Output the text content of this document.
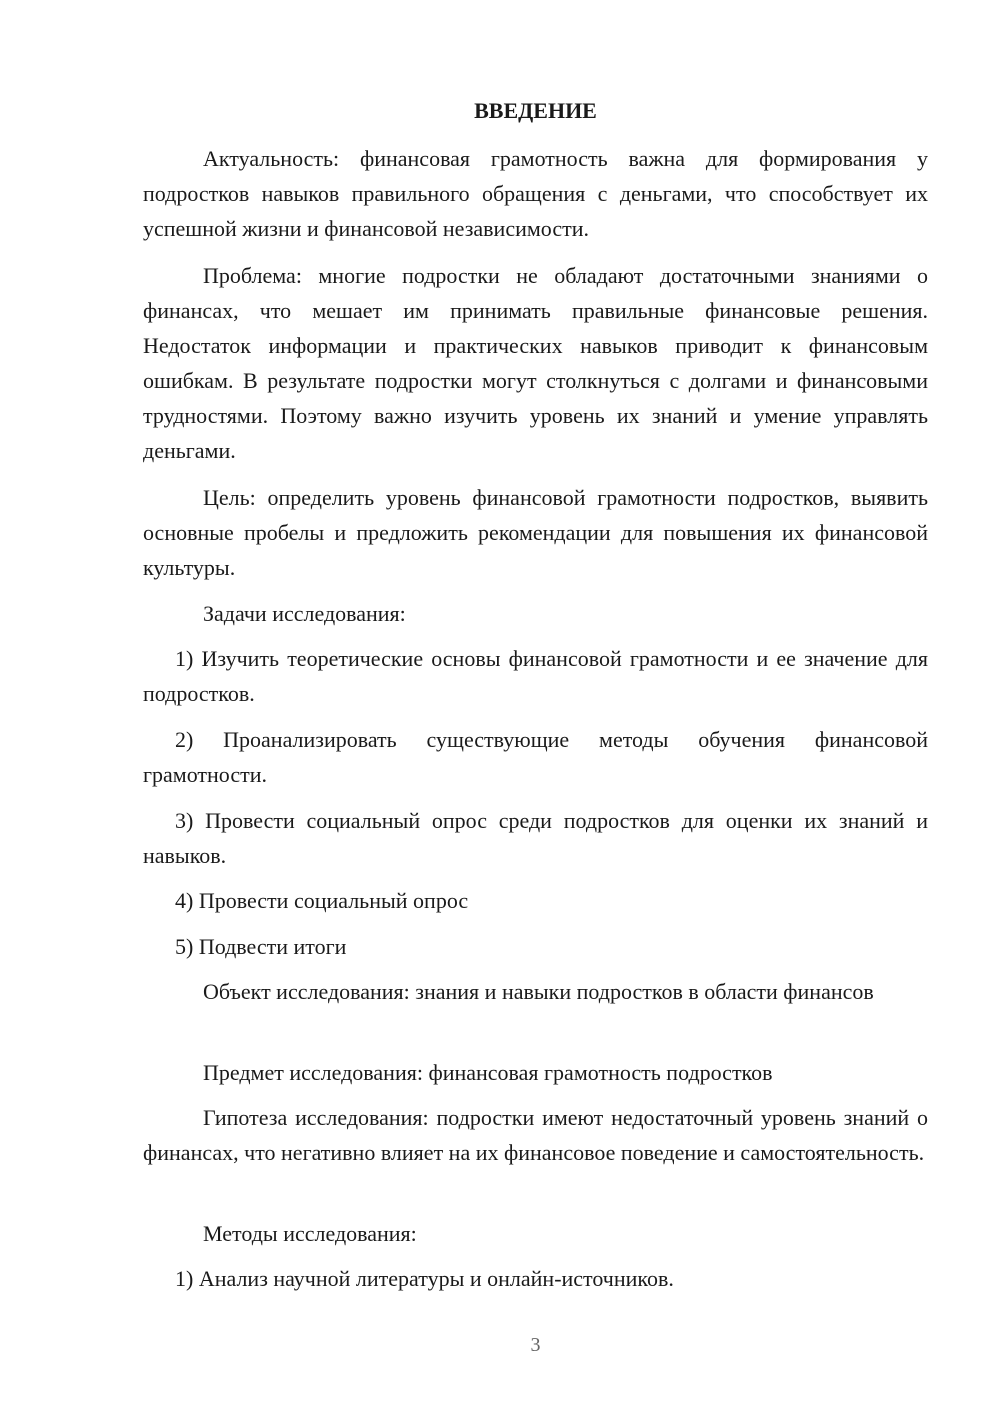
ВВЕДЕНИЕ

Актуальность: финансовая грамотность важна для формирования у подростков навыков правильного обращения с деньгами, что способствует их успешной жизни и финансовой независимости.

Проблема: многие подростки не обладают достаточными знаниями о финансах, что мешает им принимать правильные финансовые решения. Недостаток информации и практических навыков приводит к финансовым ошибкам. В результате подростки могут столкнуться с долгами и финансовыми трудностями. Поэтому важно изучить уровень их знаний и умение управлять деньгами.

Цель: определить уровень финансовой грамотности подростков, выявить основные пробелы и предложить рекомендации для повышения их финансовой культуры.

Задачи исследования:

1) Изучить теоретические основы финансовой грамотности и ее значение для подростков.

2) Проанализировать существующие методы обучения финансовой грамотности.

3) Провести социальный опрос среди подростков для оценки их знаний и навыков.

4) Провести социальный опрос

5) Подвести итоги

Объект исследования: знания и навыки подростков в области финансов

Предмет исследования: финансовая грамотность подростков

Гипотеза исследования: подростки имеют недостаточный уровень знаний о финансах, что негативно влияет на их финансовое поведение и самостоятельность.

Методы исследования:

1) Анализ научной литературы и онлайн-источников.

3
